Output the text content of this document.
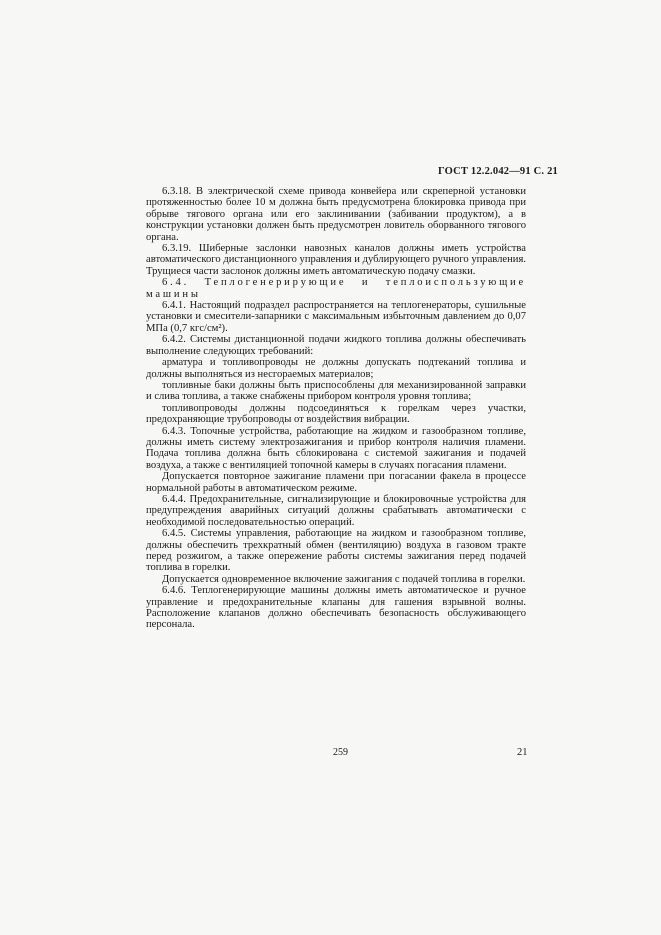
ГОСТ 12.2.042—91 С. 21

6.3.18. В электрической схеме привода конвейера или скреперной установки протяженностью более 10 м должна быть предусмотрена блокировка привода при обрыве тягового органа или его заклинивании (забивании продуктом), а в конструкции установки должен быть предусмотрен ловитель оборванного тягового органа.

6.3.19. Шиберные заслонки навозных каналов должны иметь устройства автоматического дистанционного управления и дублирующего ручного управления. Трущиеся части заслонок должны иметь автоматическую подачу смазки.

6.4. Теплогенерирующие и теплоиспользующие машины

6.4.1. Настоящий подраздел распространяется на теплогенераторы, сушильные установки и смесители-запарники с максимальным избыточным давлением до 0,07 МПа (0,7 кгс/см²).

6.4.2. Системы дистанционной подачи жидкого топлива должны обеспечивать выполнение следующих требований:

арматура и топливопроводы не должны допускать подтеканий топлива и должны выполняться из несгораемых материалов;

топливные баки должны быть приспособлены для механизированной заправки и слива топлива, а также снабжены прибором контроля уровня топлива;

топливопроводы должны подсоединяться к горелкам через участки, предохраняющие трубопроводы от воздействия вибрации.

6.4.3. Топочные устройства, работающие на жидком и газообразном топливе, должны иметь систему электрозажигания и прибор контроля наличия пламени. Подача топлива должна быть сблокирована с системой зажигания и подачей воздуха, а также с вентиляцией топочной камеры в случаях погасания пламени.

Допускается повторное зажигание пламени при погасании факела в процессе нормальной работы в автоматическом режиме.

6.4.4. Предохранительные, сигнализирующие и блокировочные устройства для предупреждения аварийных ситуаций должны срабатывать автоматически с необходимой последовательностью операций.

6.4.5. Системы управления, работающие на жидком и газообразном топливе, должны обеспечить трехкратный обмен (вентиляцию) воздуха в газовом тракте перед розжигом, а также опережение работы системы зажигания перед подачей топлива в горелки.

Допускается одновременное включение зажигания с подачей топлива в горелки.

6.4.6. Теплогенерирующие машины должны иметь автоматическое и ручное управление и предохранительные клапаны для гашения взрывной волны. Расположение клапанов должно обеспечивать безопасность обслуживающего персонала.

259	21
